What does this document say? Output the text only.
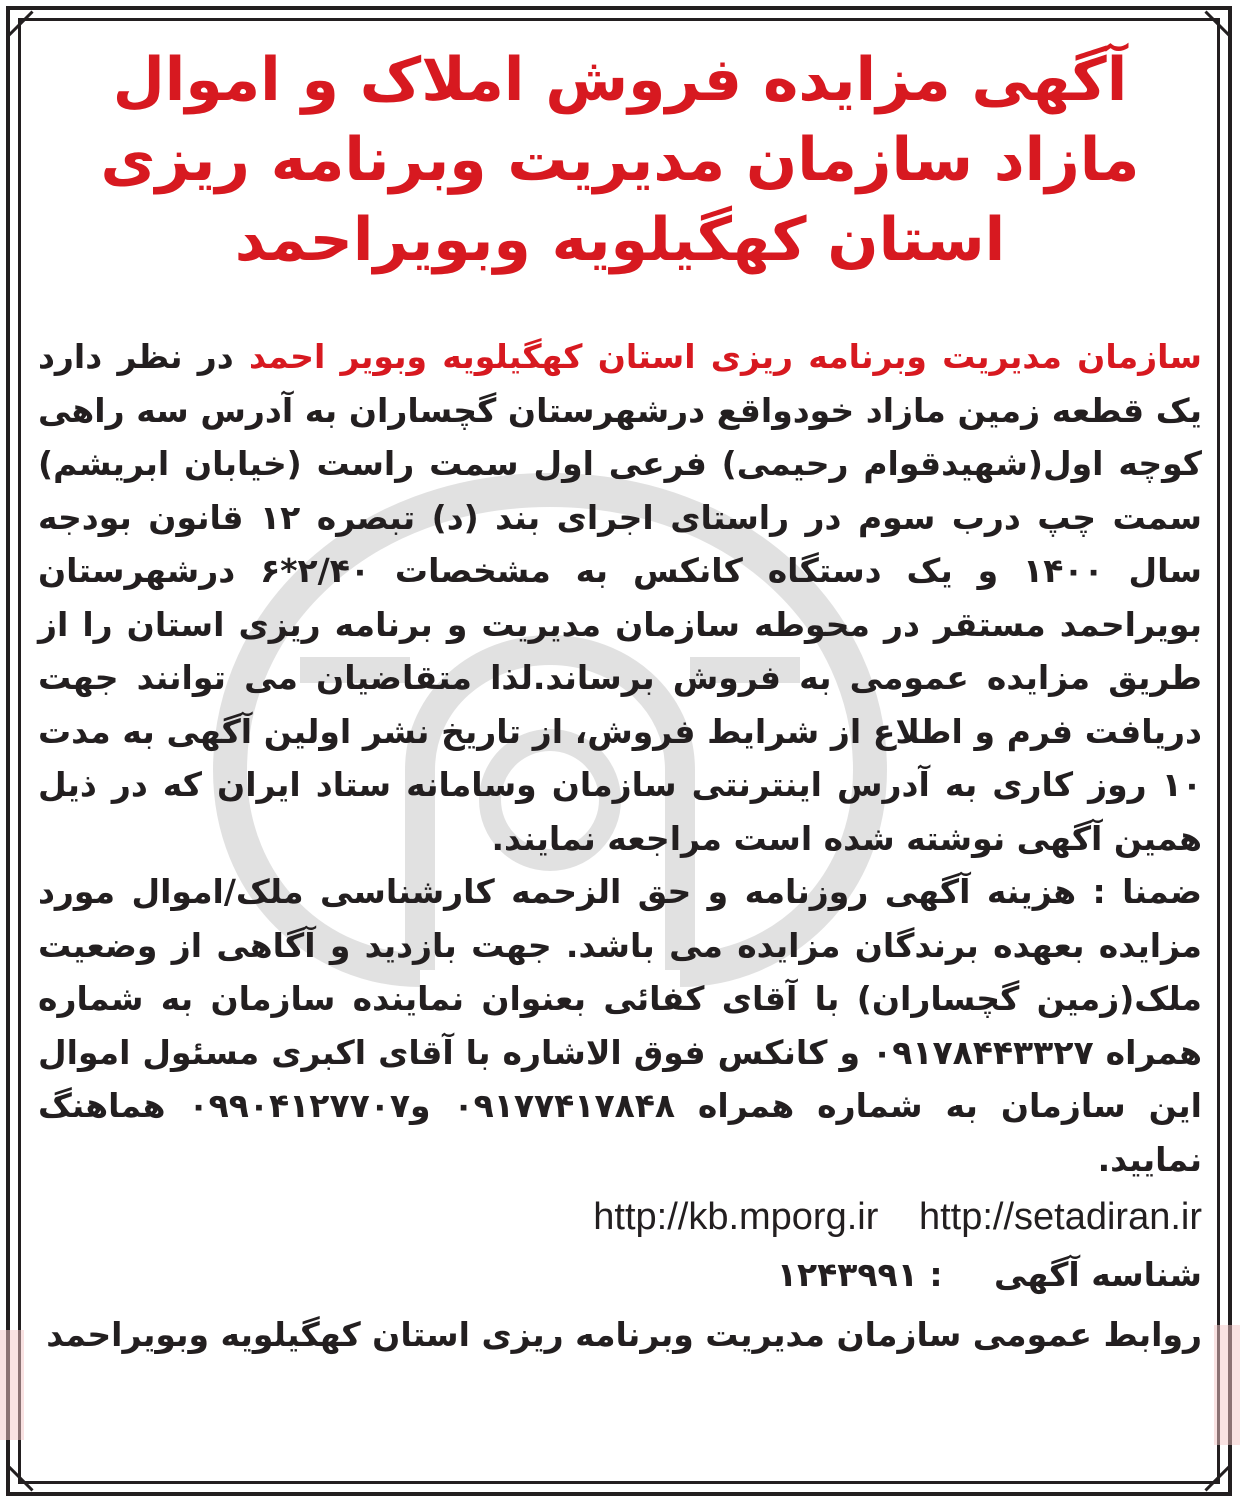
آگهی مزایده فروش املاک و اموال
مازاد سازمان مدیریت وبرنامه ریزی
استان کهگیلویه وبویراحمد

سازمان مدیریت وبرنامه ریزی استان کهگیلویه وبویر احمد در نظر دارد یک قطعه زمین مازاد خودواقع درشهرستان گچساران به آدرس سه راهی کوچه اول(شهیدقوام رحیمی) فرعی اول سمت راست (خیابان ابریشم) سمت چپ درب سوم در راستای اجرای بند (د) تبصره ۱۲ قانون بودجه سال ۱۴۰۰ و یک دستگاه کانکس به مشخصات ۲/۴۰*۶ درشهرستان بویراحمد مستقر در محوطه سازمان مدیریت و برنامه ریزی استان را از طریق مزایده عمومی به فروش برساند.لذا متقاضیان می توانند جهت دریافت فرم و اطلاع از شرایط فروش، از تاریخ نشر اولین آگهی به مدت ۱۰ روز کاری به آدرس اینترنتی سازمان وسامانه ستاد ایران که در ذیل همین آگهی نوشته شده است مراجعه نمایند.

ضمنا : هزینه آگهی روزنامه و حق الزحمه کارشناسی ملک/اموال مورد مزایده بعهده برندگان مزایده می باشد. جهت بازدید و آگاهی از وضعیت ملک(زمین گچساران) با آقای کفائی بعنوان نماینده سازمان به شماره همراه ۰۹۱۷۸۴۴۳۳۲۷ و کانکس فوق الاشاره با آقای اکبری مسئول اموال این سازمان به شماره همراه ۰۹۱۷۷۴۱۷۸۴۸ و۰۹۹۰۴۱۲۷۷۰۷ هماهنگ نمایید.

http://kb.mporg.ir http://setadiran.ir
شناسه آگهی : ۱۲۴۳۹۹۱
روابط عمومی سازمان مدیریت وبرنامه ریزی استان کهگیلویه وبویراحمد
